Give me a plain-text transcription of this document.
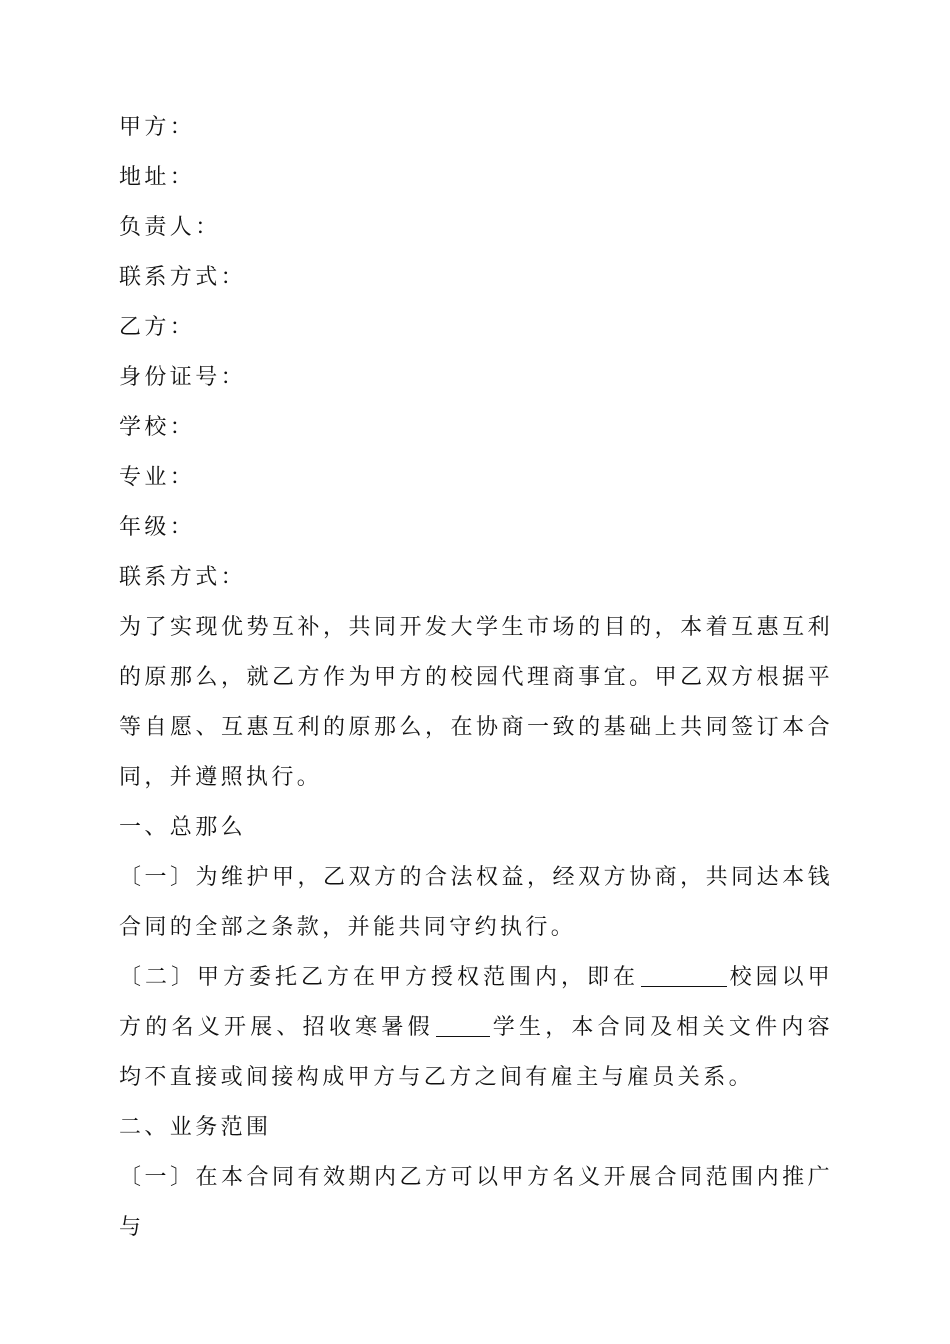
甲方：
地址：
负责人：
联系方式：
乙方：
身份证号：
学校：
专业：
年级：
联系方式：

为了实现优势互补，共同开发大学生市场的目的，本着互惠互利的原那么，就乙方作为甲方的校园代理商事宜。甲乙双方根据平等自愿、互惠互利的原那么，在协商一致的基础上共同签订本合同，并遵照执行。

一、总那么

〔一〕为维护甲，乙双方的合法权益，经双方协商，共同达本钱合同的全部之条款，并能共同守约执行。

〔二〕甲方委托乙方在甲方授权范围内，即在	校园以甲方的名义开展、招收寒暑假	学生，本合同及相关文件内容均不直接或间接构成甲方与乙方之间有雇主与雇员关系。

二、业务范围

〔一〕在本合同有效期内乙方可以甲方名义开展合同范围内推广与
